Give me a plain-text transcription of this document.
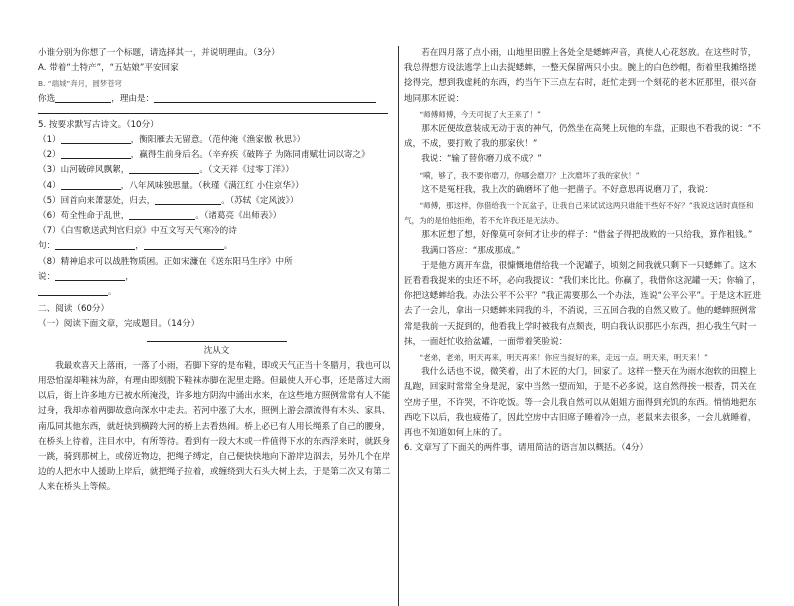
小谁分别为你想了一个标题，请选择其一，并说明理由。（3分）

A. 带着“土特产”，“五姑娘”平安回家

B. “端城”奔月，圆梦苍穹

你选	，理由是：

5. 按要求默写古诗文。（10分）

（1）	，衡阳雁去无留意。（范仲淹《渔家傲 秋思》）

（2）	，赢得生前身后名。（辛弃疾《破阵子 为陈同甫赋壮词以寄之》

（3）山河破碎风飘絮，	。（文天祥《过零丁洋》）

（4）	，八年风味独思量。（秋瑾《满江红 小住京华》）

（5）回首向来萧瑟处，归去，	。（苏轼《定风波》）

（6）苟全性命于乱世，	。（诸葛亮《出师表》）

（7）《白雪歌送武判官归京》中互文写天气寒冷的诗

句：	，	。

（8）精神追求可以战胜物质困。正如宋濂在《送东阳马生序》中所

说：	，

。

二、阅读（60分）

（一）阅读下面文章，完成题目。（14分）

沈从文

我最欢喜天上落雨，一落了小雨，若脚下穿的是布鞋，即或天气正当十冬腊月，我也可以用恐怕湿却鞋袜为辞，有理由即刻脱下鞋袜赤脚在泥里走路。但最使人开心事，还是落过大雨以后，街上许多地方已被水所淹没，许多地方阴沟中涌出水来，在这些地方照例常常有人不能过身，我却赤着两脚故意向深水中走去。若河中涨了大水，照例上游会漂流得有木头、家具、南瓜同其他东西，就赶快到横跨大河的桥上去看热闹。桥上必已有人用长绳系了自己的腰身，在桥头上待着，注目水中，有所等待。看到有一段大木或一件值得下水的东西浮来时，就跃身一跳，骑到那树上，或傍近物边，把绳子缚定，自己便快快地向下游岸边泅去，另外几个在岸边的人把水中人援助上岸后，就把绳子拉着，或缠绕到大石头大树上去，于是第二次又有第二人来在桥头上等候。

若在四月落了点小雨，山地里田膛上各处全是蟋蟀声音，真使人心花怒放。在这些时节，我总得想方设法逃学上山去捉蟋蟀，一整天保留两只小虫。腕上的白色纱帽，衔着里我摊络搓捻得完，想到我虚耗的东西，约当午下三点左右时，赶忙走到一个刻花的老木匠那里，很兴奋地同那木匠说：

“师傅师傅，今天可捉了大王来了！”

那木匠便故意装成无动于衷的神气，仍然坐在高凳上玩他的车盘，正眼也不看我的说：“不成，不成，要打败了我的那家伙！”

我说：“输了替你磨刀成不成？”

“嗬，够了，我不要你磨刀，你哪会磨刀？上次磨坏了我的家伙！”

这不是冤枉我，我上次的确磨坏了他一把凿子。不好意思再说磨刀了，我说：

“师傅，那这样，你借给我一个瓦盆子，让我自己来试试这两只谁能干些好不好？”我说这话时真怪和气，为的是怕他拒绝，若不允许我还是无法办。

那木匠想了想，好像莫可奈何才让步的样子：“借盆子得把战败的一只给我，算作租钱。”

我满口答应：“那成那成。”

于是他方离开车盘，很慷慨地借给我一个泥罐子，顷刻之间我就只剩下一只蟋蟀了。这木匠看看我捉来的虫还不坏，必向我提议：“我们来比比。你赢了，我借你这泥罐一天；你输了，你把这蟋蟀给我。办法公平不公平？”我正需要那么一个办法，连说“公平公平”。于是这木匠进去了一会儿，拿出一只蟋蟀来同我的斗，不消说，三五回合我的自然又败了。他的蟋蟀照例常常是我前一天捉到的，他看我上学时被我有点颓丧，明白我认识那匹小东西，担心我生气时一抹，一面赶忙收拾盆罐，一面带着笑脸说：

“老弟，老弟，明天再来，明天再来！你应当捉好的来，走远一点。明天来，明天来！”

我什么话也不说，微笑着，出了木匠的大门，回家了。这样一整天在为雨水泡软的田膛上乱跑，回家时常常全身是泥，家中当然一望而知，于是不必多说，这自然得挨一根香，罚关在空房子里，不许哭，不许吃饭。等一会儿我自然可以从姐姐方面得到充饥的东西。悄悄地把东西吃下以后，我也疲倦了，因此空房中古旧席子睡着冷一点，老鼠来去很多，一会儿就睡着，再也不知道如何上床的了。

6. 文章写了下面关的两件事，请用简洁的语言加以概括。（4分）
